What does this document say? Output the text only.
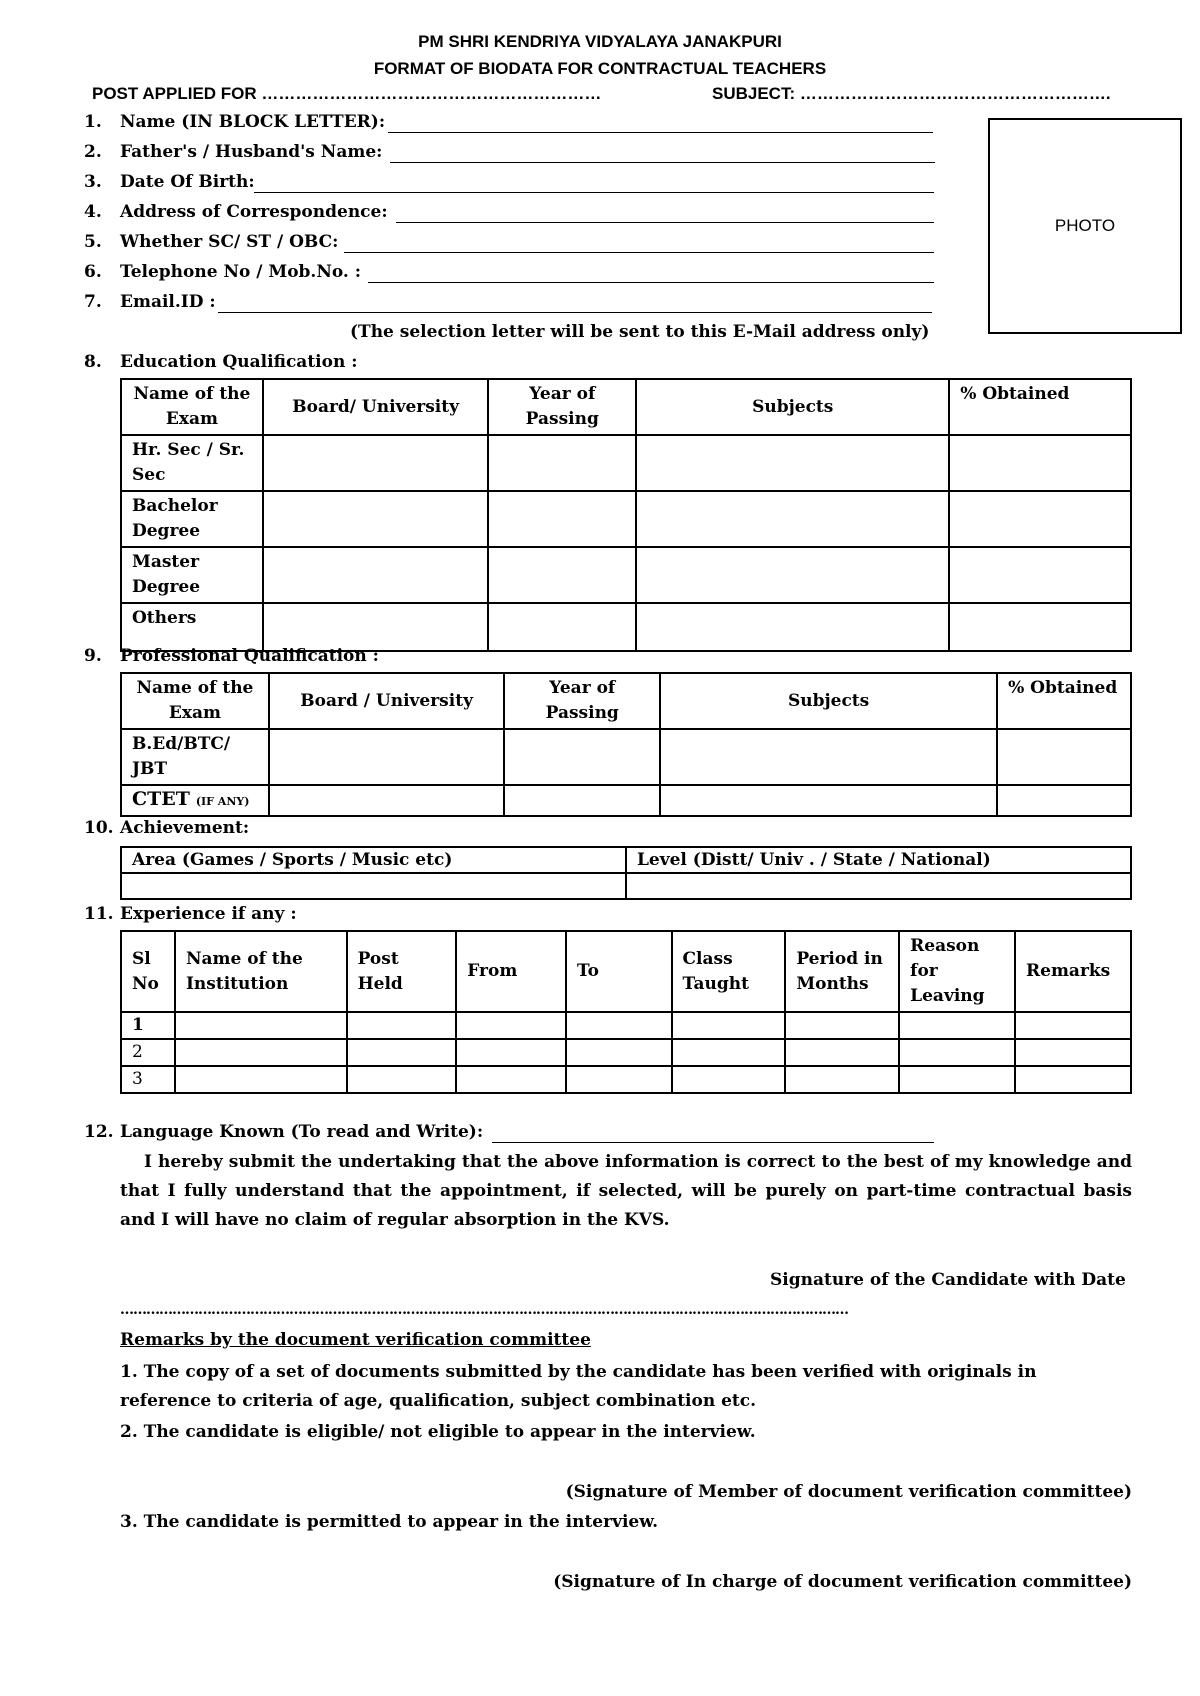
PM SHRI KENDRIYA VIDYALAYA JANAKPURI
FORMAT OF BIODATA FOR CONTRACTUAL TEACHERS
POST APPLIED FOR ……………………………………………………	SUBJECT: ……………………………………………….
1. Name (IN BLOCK LETTER):
2. Father's / Husband's Name:
3. Date Of Birth:
4. Address of Correspondence:
5. Whether SC/ ST / OBC:
6. Telephone No / Mob.No. :
7. Email.ID :
(The selection letter will be sent to this E-Mail address only)
PHOTO
8. Education Qualification :
Name of the Exam	Board/ University	Year of Passing	Subjects	% Obtained
Hr. Sec / Sr. Sec				
Bachelor Degree				
Master Degree				
Others				
9. Professional Qualification :
Name of the Exam	Board / University	Year of Passing	Subjects	% Obtained
B.Ed/BTC/ JBT				
CTET (IF ANY)				
10. Achievement:
Area (Games / Sports / Music etc)	Level (Distt/ Univ . / State / National)

11. Experience if any :
Sl No	Name of the Institution	Post Held	From	To	Class Taught	Period in Months	Reason for Leaving	Remarks
1								
2								
3								
12. Language Known (To read and Write):
I hereby submit the undertaking that the above information is correct to the best of my knowledge and that I fully understand that the appointment, if selected, will be purely on part-time contractual basis and I will have no claim of regular absorption in the KVS.
Signature of the Candidate with Date
……………………………………………………………………………………………………………………………………………………
Remarks by the document verification committee
1. The copy of a set of documents submitted by the candidate has been verified with originals in reference to criteria of age, qualification, subject combination etc.
2. The candidate is eligible/ not eligible to appear in the interview.
(Signature of Member of document verification committee)
3. The candidate is permitted to appear in the interview.
(Signature of In charge of document verification committee)
